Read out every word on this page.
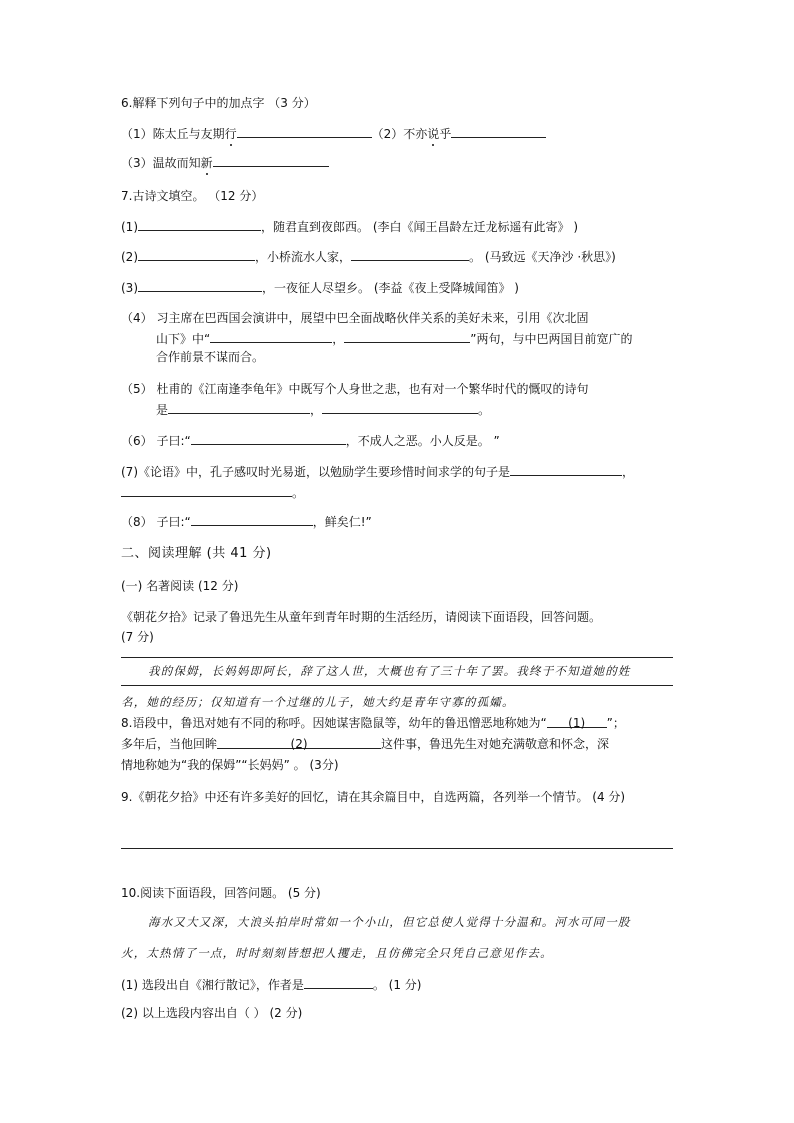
6.解释下列句子中的加点字 （3 分）
（1）陈太丘与友期行	（2）不亦说乎
（3）温故而知新
7.古诗文填空。 （12 分）
(1)	，随君直到夜郎西。 (李白《闻王昌龄左迁龙标遥有此寄》 )
(2)	，小桥流水人家，	。 (马致远《天净沙 ·秋思》)
(3)	，一夜征人尽望乡。 (李益《夜上受降城闻笛》 )
（4） 习主席在巴西国会演讲中，展望中巴全面战略伙伴关系的美好未来，引用《次北固
山下》中“	，	”两句，与中巴两国目前宽广的
合作前景不谋而合。
（5） 杜甫的《江南逢李龟年》中既写个人身世之悲，也有对一个繁华时代的慨叹的诗句
是	，	。
（6） 子曰:“	，不成人之恶。小人反是。 ”
(7)《论语》中，孔子感叹时光易逝，以勉励学生要珍惜时间求学的句子是	，
。
（8） 子曰:“	，鲜矣仁!”
二、阅读理解 (共 41 分)
(一) 名著阅读 (12 分)
《朝花夕拾》记录了鲁迅先生从童年到青年时期的生活经历，请阅读下面语段，回答问题。
(7 分)
我的保姆，长妈妈即阿长，辞了这人世，大概也有了三十年了罢。我终于不知道她的姓
名，她的经历；仅知道有一个过继的儿子，她大约是青年守寡的孤孀。
8.语段中，鲁迅对她有不同的称呼。因她谋害隐鼠等，幼年的鲁迅憎恶地称她为“ (1) ”；
多年后，当他回眸	(2)	这件事，鲁迅先生对她充满敬意和怀念，深
情地称她为“我的保姆”“长妈妈” 。 (3分)
9.《朝花夕拾》中还有许多美好的回忆，请在其余篇目中，自选两篇，各列举一个情节。 (4 分)
10.阅读下面语段，回答问题。 (5 分)
海水又大又深，大浪头拍岸时常如一个小山，但它总使人觉得十分温和。河水可同一股
火，太热情了一点，时时刻刻皆想把人攫走，且仿佛完全只凭自己意见作去。
(1) 选段出自《湘行散记》，作者是	。 (1 分)
(2) 以上选段内容出自（ ） (2 分)
